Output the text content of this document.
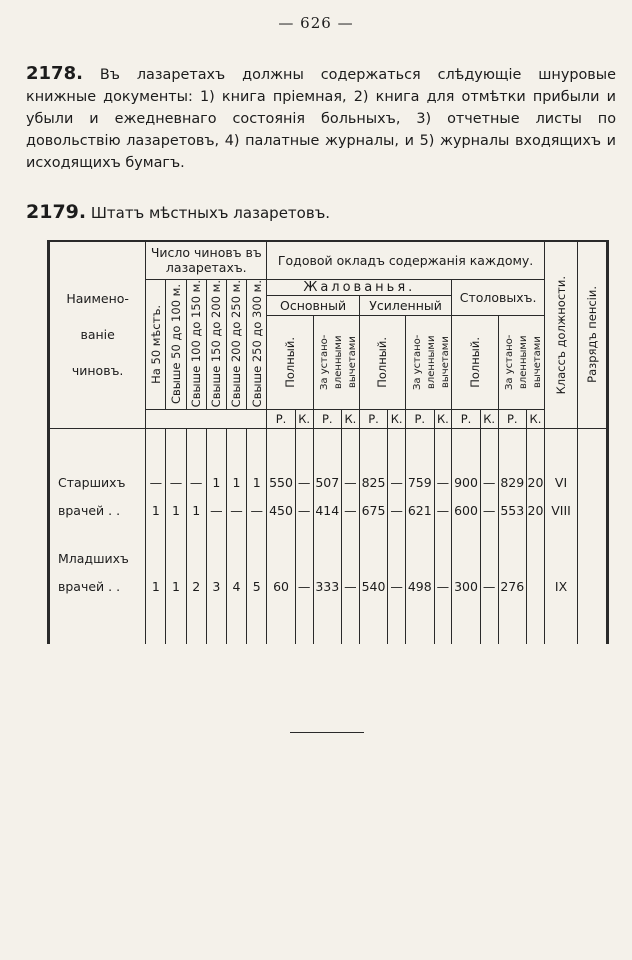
— 626 —
2178. Въ лазаретахъ должны содержаться слѣдующіе шнуровые книжные документы: 1) книга пріемная, 2) книга для отмѣтки прибыли и убыли и ежедневнаго состоянія больныхъ, 3) отчетные листы по довольствію лазаретовъ, 4) палатные журналы, и 5) журналы входящихъ и исходящихъ бумагъ.
2179. Штатъ мѣстныхъ лазаретовъ.
Наимено-
ваніе
чиновъ.	Число чиновъ въ лазаретахъ.						Годовой окладъ содержанія каждому.												Классъ должности.	Разрядъ пенсіи.

	На 50 мѣстъ.	Свыше 50 до 100 м.	Свыше 100 до 150 м.	Свыше 150 до 200 м.	Свыше 200 до 250 м.	Свыше 250 до 300 м.	Жалованья.								Столовыхъ.					
							Основный				Усиленный									

							Полный.		За устано- вленными вычетами		Полный.		За устано- вленными вычетами		Полный.		За устано- вленными вычетами			

							Р.	К.	Р.	К.	Р.	К.	Р.	К.	Р.	К.	Р.	К.		

Старшихъ	—	—	—	1	1	1	550	—	507	—	825	—	759	—	900	—	829	20	VI	
врачей . .	1	1	1	—	—	—	450	—	414	—	675	—	621	—	600	—	553	20	VIII	

Младшихъ																				
врачей . .	1	1	2	3	4	5	60	—	333	—	540	—	498	—	300	—	276		IX	
